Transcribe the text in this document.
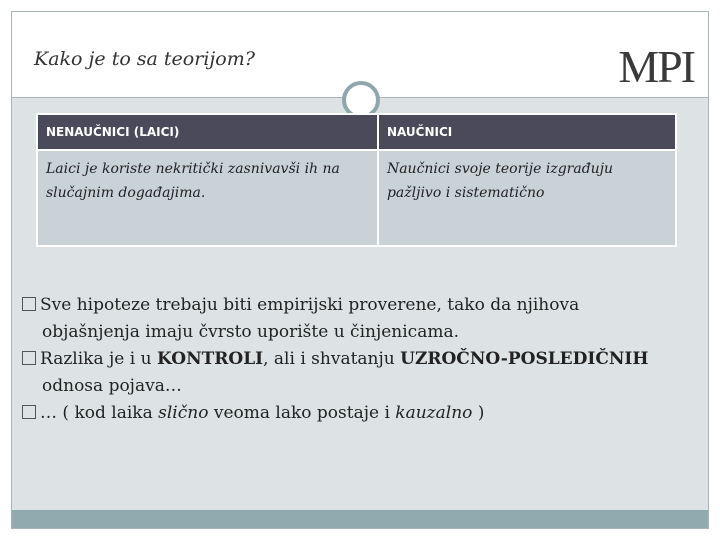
Kako je to sa teorijom?	MPI
NENAUČNICI (LAICI)	NAUČNICI
Laici je koriste nekritički zasnivavši ih na slučajnim događajima.	Naučnici svoje teorije izgrađuju pažljivo i sistematično
Sve hipoteze trebaju biti empirijski proverene, tako da njihova objašnjenja imaju čvrsto uporište u činjenicama.
Razlika je i u KONTROLI, ali i shvatanju UZROČNO-POSLEDIČNIH odnosa pojava…
… ( kod laika slično veoma lako postaje i kauzalno )
